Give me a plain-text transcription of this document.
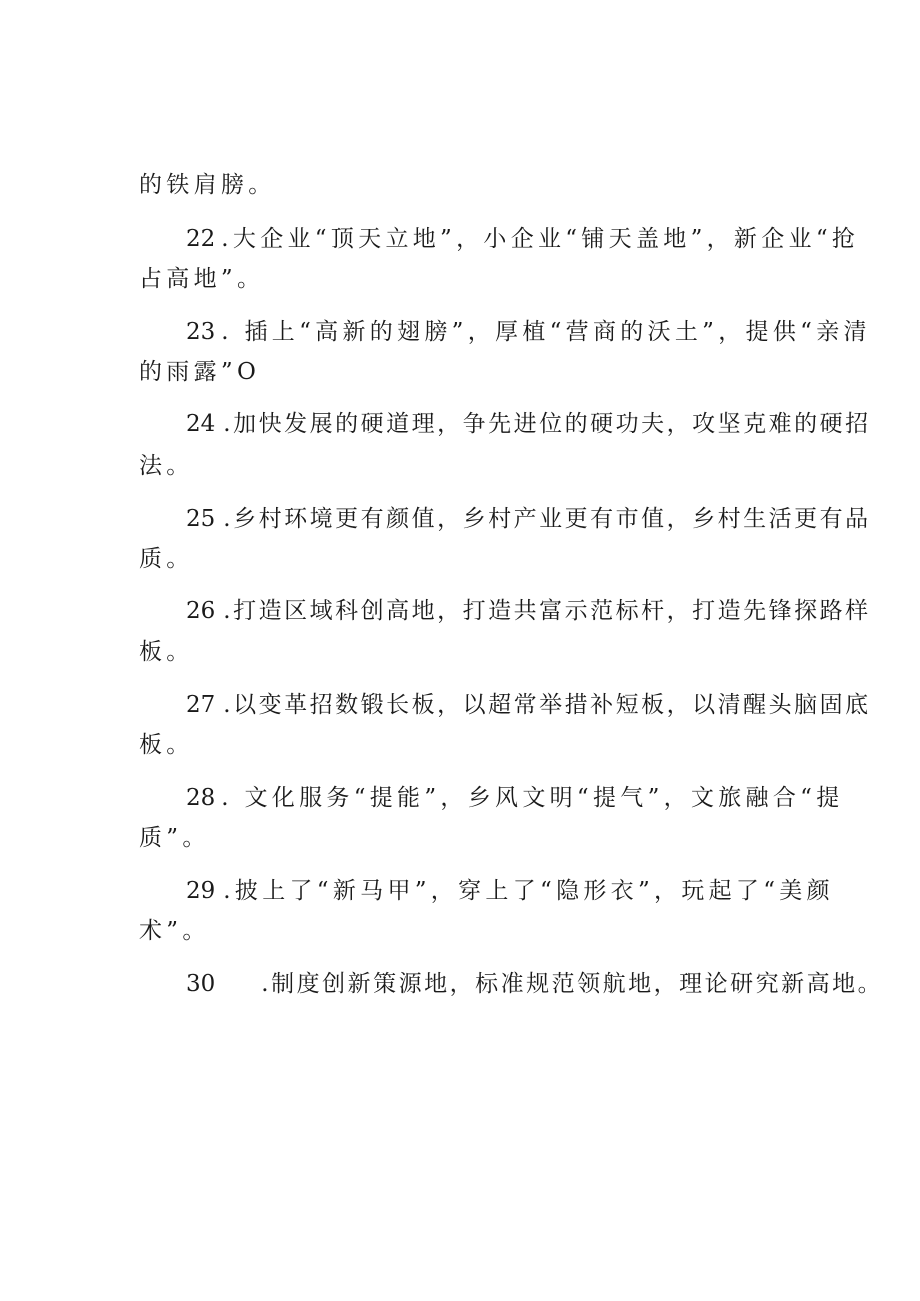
的铁肩膀。
22 .大企业“顶天立地”，小企业“铺天盖地”，新企业“抢
占高地”。
23 . 插上“高新的翅膀”，厚植“营商的沃土”，提供“亲清
的雨露”O
24 .加快发展的硬道理，争先进位的硬功夫，攻坚克难的硬招
法。
25 .乡村环境更有颜值，乡村产业更有市值，乡村生活更有品
质。
26 .打造区域科创高地，打造共富示范标杆，打造先锋探路样
板。
27 .以变革招数锻长板，以超常举措补短板，以清醒头脑固底
板。
28 . 文化服务“提能”，乡风文明“提气”，文旅融合“提
质”。
29 .披上了“新马甲”，穿上了“隐形衣”，玩起了“美颜
术”。
30 .制度创新策源地，标准规范领航地，理论研究新高地。
